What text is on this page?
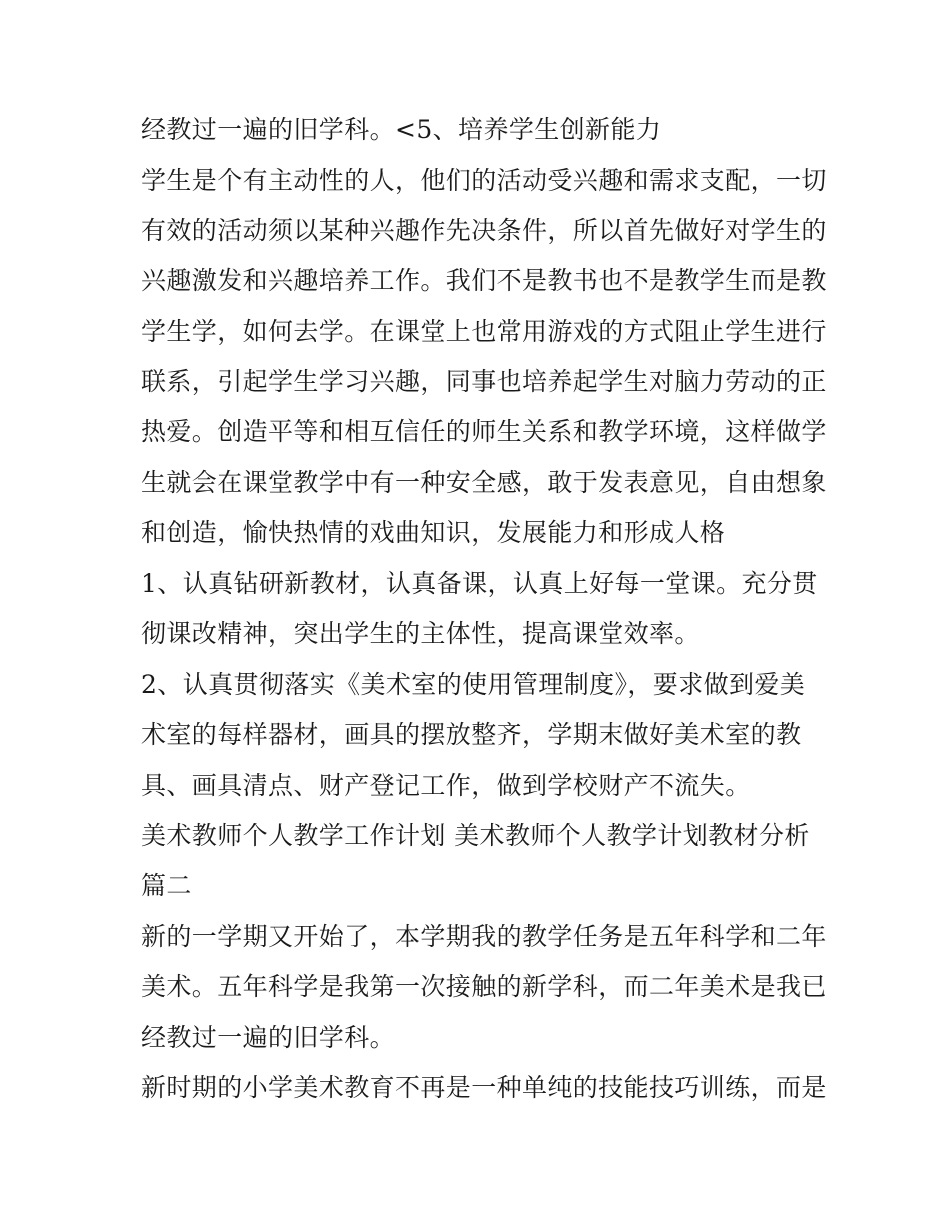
经教过一遍的旧学科。<5、培养学生创新能力
学生是个有主动性的人，他们的活动受兴趣和需求支配，一切
有效的活动须以某种兴趣作先决条件，所以首先做好对学生的
兴趣激发和兴趣培养工作。我们不是教书也不是教学生而是教
学生学，如何去学。在课堂上也常用游戏的方式阻止学生进行
联系，引起学生学习兴趣，同事也培养起学生对脑力劳动的正
热爱。创造平等和相互信任的师生关系和教学环境，这样做学
生就会在课堂教学中有一种安全感，敢于发表意见，自由想象
和创造，愉快热情的戏曲知识，发展能力和形成人格
1、认真钻研新教材，认真备课，认真上好每一堂课。充分贯
彻课改精神，突出学生的主体性，提高课堂效率。
2、认真贯彻落实《美术室的使用管理制度》，要求做到爱美
术室的每样器材，画具的摆放整齐，学期末做好美术室的教
具、画具清点、财产登记工作，做到学校财产不流失。
美术教师个人教学工作计划 美术教师个人教学计划教材分析
篇二
新的一学期又开始了，本学期我的教学任务是五年科学和二年
美术。五年科学是我第一次接触的新学科，而二年美术是我已
经教过一遍的旧学科。
新时期的小学美术教育不再是一种单纯的技能技巧训练，而是
